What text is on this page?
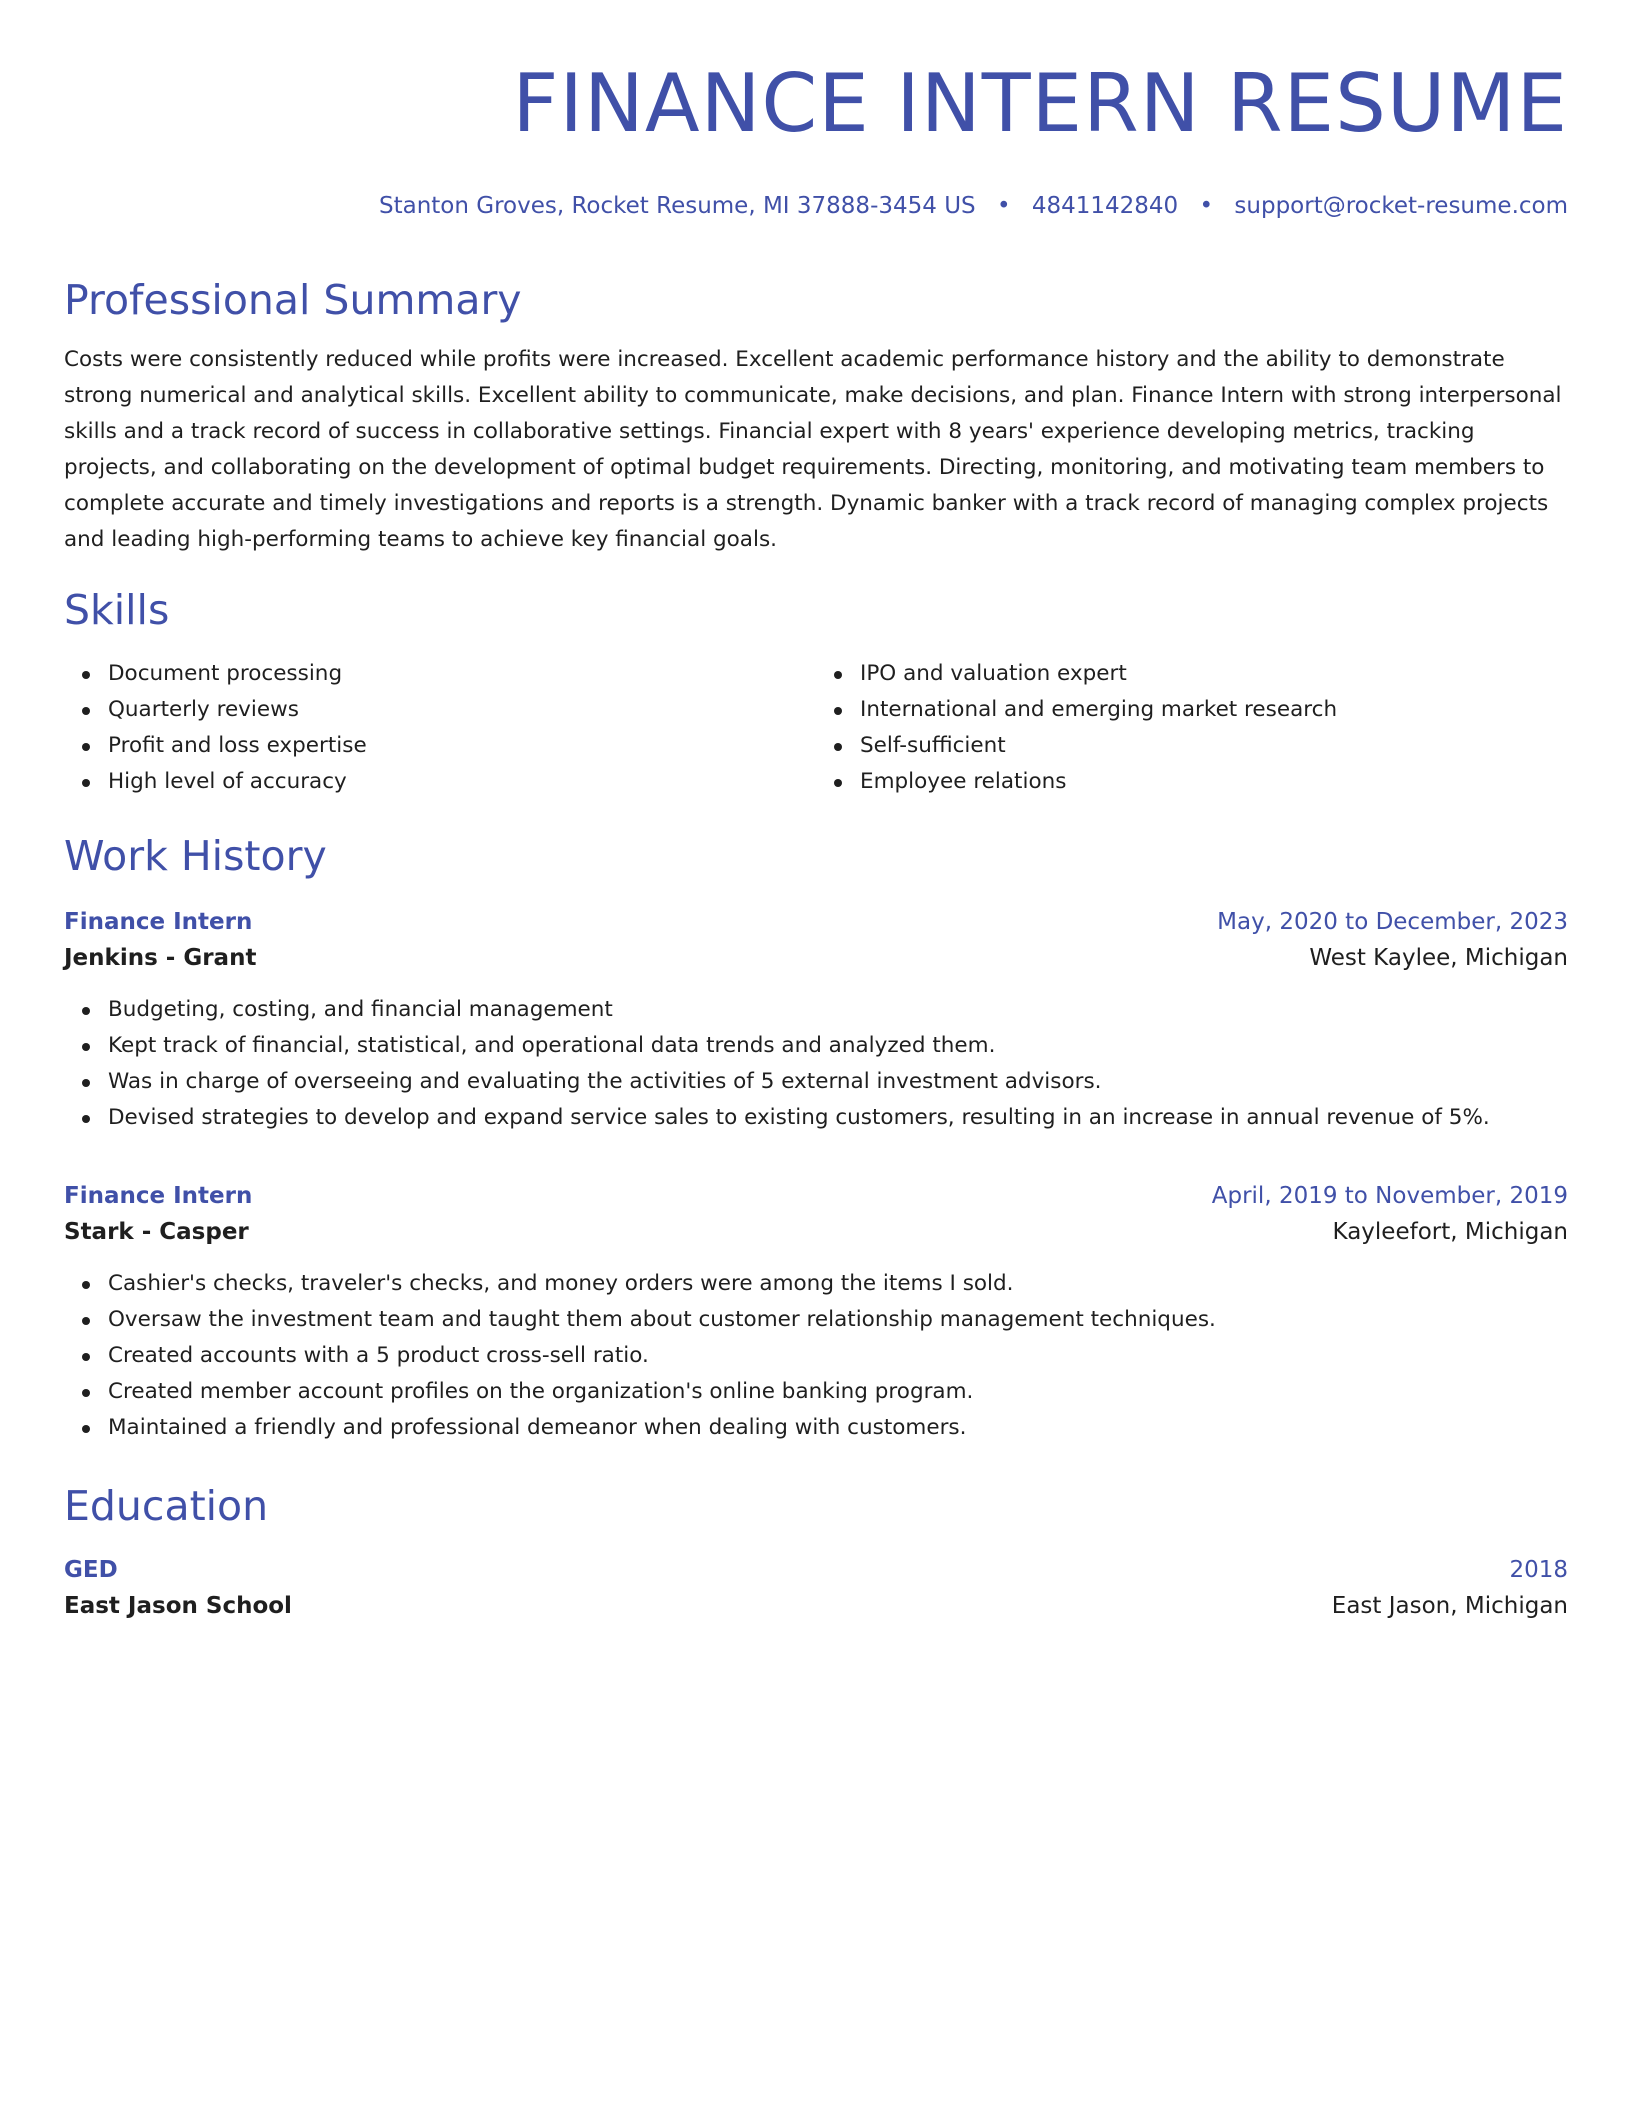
FINANCE INTERN RESUME
Stanton Groves, Rocket Resume, MI 37888-3454 US • 4841142840 • support@rocket-resume.com
Professional Summary
Costs were consistently reduced while profits were increased. Excellent academic performance history and the ability to demonstrate strong numerical and analytical skills. Excellent ability to communicate, make decisions, and plan. Finance Intern with strong interpersonal skills and a track record of success in collaborative settings. Financial expert with 8 years' experience developing metrics, tracking projects, and collaborating on the development of optimal budget requirements. Directing, monitoring, and motivating team members to complete accurate and timely investigations and reports is a strength. Dynamic banker with a track record of managing complex projects and leading high-performing teams to achieve key financial goals.
Skills
Document processing
Quarterly reviews
Profit and loss expertise
High level of accuracy
IPO and valuation expert
International and emerging market research
Self-sufficient
Employee relations
Work History
Finance Intern	May, 2020 to December, 2023
Jenkins - Grant	West Kaylee, Michigan
Budgeting, costing, and financial management
Kept track of financial, statistical, and operational data trends and analyzed them.
Was in charge of overseeing and evaluating the activities of 5 external investment advisors.
Devised strategies to develop and expand service sales to existing customers, resulting in an increase in annual revenue of 5%.
Finance Intern	April, 2019 to November, 2019
Stark - Casper	Kayleefort, Michigan
Cashier's checks, traveler's checks, and money orders were among the items I sold.
Oversaw the investment team and taught them about customer relationship management techniques.
Created accounts with a 5 product cross-sell ratio.
Created member account profiles on the organization's online banking program.
Maintained a friendly and professional demeanor when dealing with customers.
Education
GED	2018
East Jason School	East Jason, Michigan
